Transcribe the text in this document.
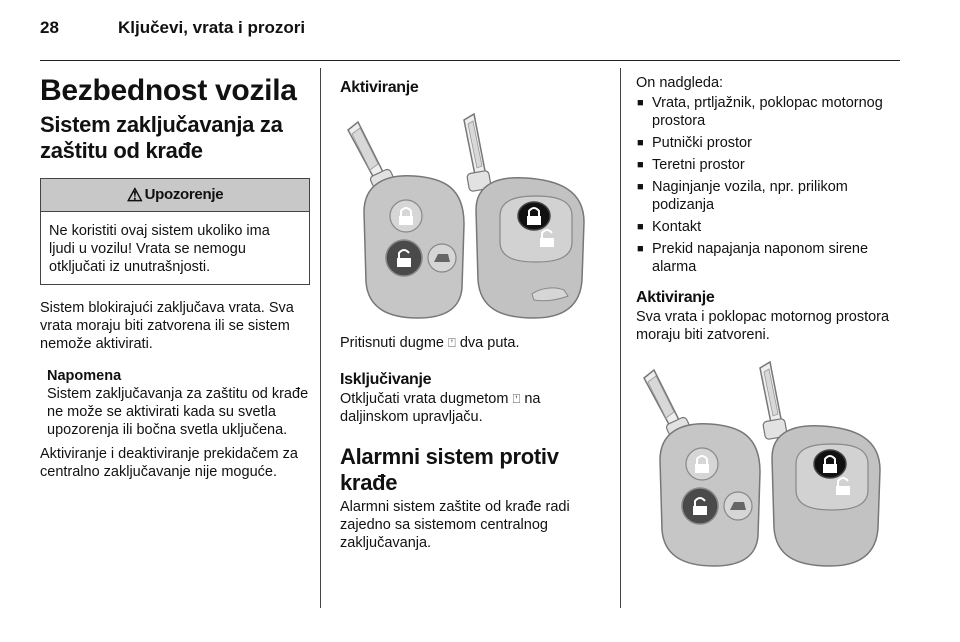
28	Ključevi, vrata i prozori
Bezbednost vozila
Sistem zaključavanja za zaštitu od krađe
⚠ Upozorenje
Ne koristiti ovaj sistem ukoliko ima ljudi u vozilu! Vrata se nemogu otključati iz unutrašnjosti.

Sistem blokirajući zaključava vrata. Sva vrata moraju biti zatvorena ili se sistem nemože aktivirati.

Napomena
Sistem zaključavanja za zaštitu od krađe ne može se aktivirati kada su svetla upozorenja ili bočna svetla uključena.

Aktiviranje i deaktiviranje prekidačem za centralno zaključavanje nije moguće.

Aktiviranje

Pritisnuti dugme ⍞ dva puta.

Isključivanje

Otključati vrata dugmetom ⍞ na daljinskom upravljaču.

Alarmni sistem protiv krađe

Alarmni sistem zaštite od krađe radi zajedno sa sistemom centralnog zaključavanja.

On nadgleda:

■ Vrata, prtljažnik, poklopac motornog prostora
■ Putnički prostor
■ Teretni prostor
■ Naginjanje vozila, npr. prilikom podizanja
■ Kontakt
■ Prekid napajanja naponom sirene alarma
Aktiviranje

Sva vrata i poklopac motornog prostora moraju biti zatvoreni.
